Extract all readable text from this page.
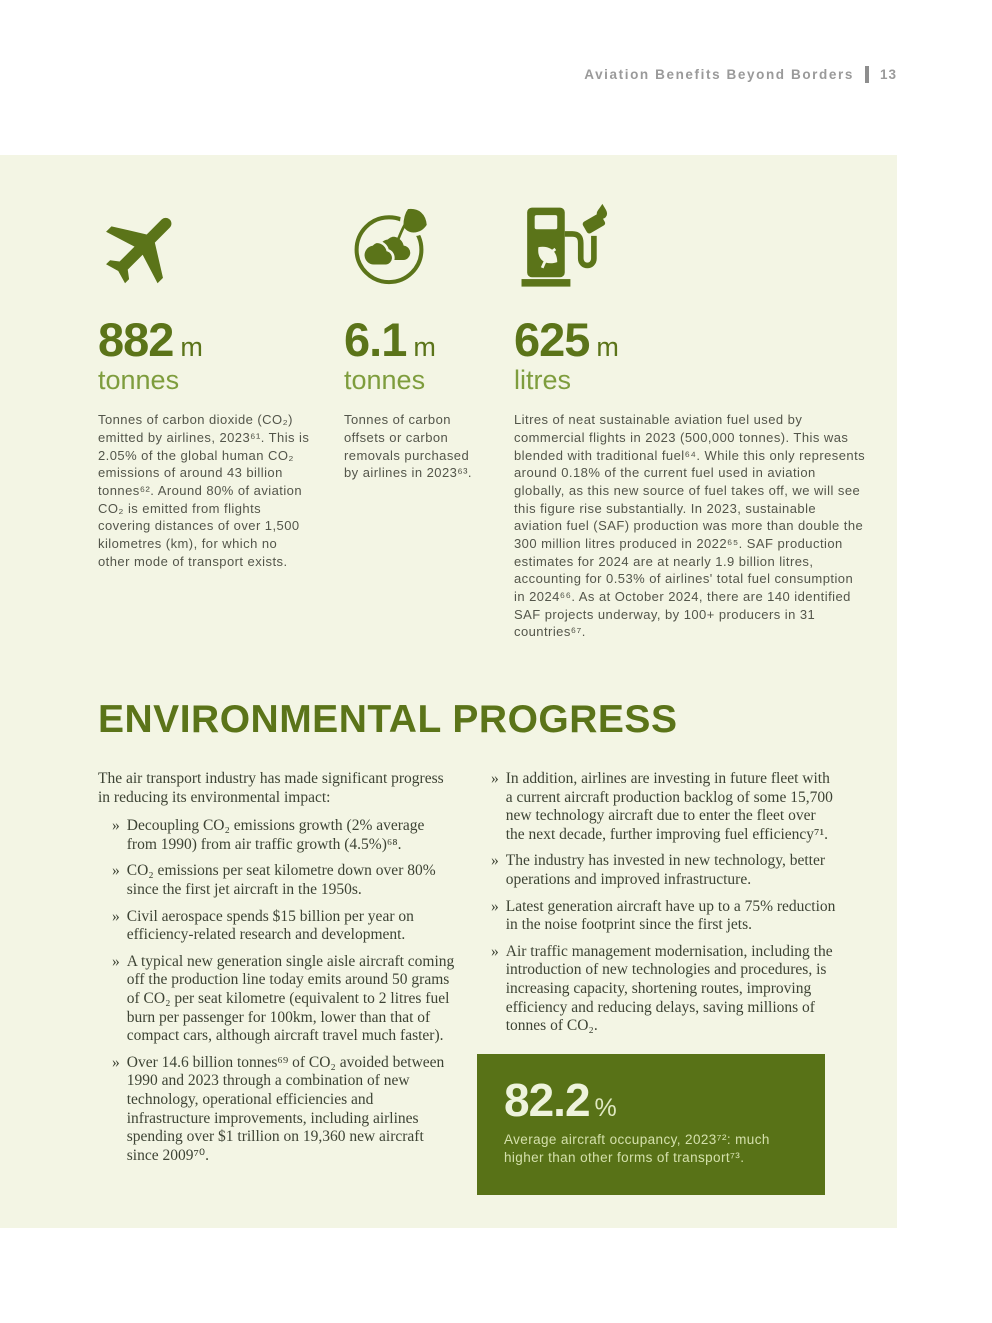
Aviation Benefits Beyond Borders 13
882 m
tonnes
Tonnes of carbon dioxide (CO₂) emitted by airlines, 2023⁶¹. This is 2.05% of the global human CO₂ emissions of around 43 billion tonnes⁶². Around 80% of aviation CO₂ is emitted from flights covering distances of over 1,500 kilometres (km), for which no other mode of transport exists.
6.1 m
tonnes
Tonnes of carbon offsets or carbon removals purchased by airlines in 2023⁶³.
625 m
litres
Litres of neat sustainable aviation fuel used by commercial flights in 2023 (500,000 tonnes). This was blended with traditional fuel⁶⁴. While this only represents around 0.18% of the current fuel used in aviation globally, as this new source of fuel takes off, we will see this figure rise substantially. In 2023, sustainable aviation fuel (SAF) production was more than double the 300 million litres produced in 2022⁶⁵. SAF production estimates for 2024 are at nearly 1.9 billion litres, accounting for 0.53% of airlines' total fuel consumption in 2024⁶⁶. As at October 2024, there are 140 identified SAF projects underway, by 100+ producers in 31 countries⁶⁷.
ENVIRONMENTAL PROGRESS

The air transport industry has made significant progress in reducing its environmental impact:

» Decoupling CO₂ emissions growth (2% average from 1990) from air traffic growth (4.5%)⁶⁸.
» CO₂ emissions per seat kilometre down over 80% since the first jet aircraft in the 1950s.
» Civil aerospace spends $15 billion per year on efficiency-related research and development.
» A typical new generation single aisle aircraft coming off the production line today emits around 50 grams of CO₂ per seat kilometre (equivalent to 2 litres fuel burn per passenger for 100km, lower than that of compact cars, although aircraft travel much faster).
» Over 14.6 billion tonnes⁶⁹ of CO₂ avoided between 1990 and 2023 through a combination of new technology, operational efficiencies and infrastructure improvements, including airlines spending over $1 trillion on 19,360 new aircraft since 2009⁷⁰.
» In addition, airlines are investing in future fleet with a current aircraft production backlog of some 15,700 new technology aircraft due to enter the fleet over the next decade, further improving fuel efficiency⁷¹.
» The industry has invested in new technology, better operations and improved infrastructure.
» Latest generation aircraft have up to a 75% reduction in the noise footprint since the first jets.
» Air traffic management modernisation, including the introduction of new technologies and procedures, is increasing capacity, shortening routes, improving efficiency and reducing delays, saving millions of tonnes of CO₂.
82.2 %
Average aircraft occupancy, 2023⁷²: much higher than other forms of transport⁷³.
